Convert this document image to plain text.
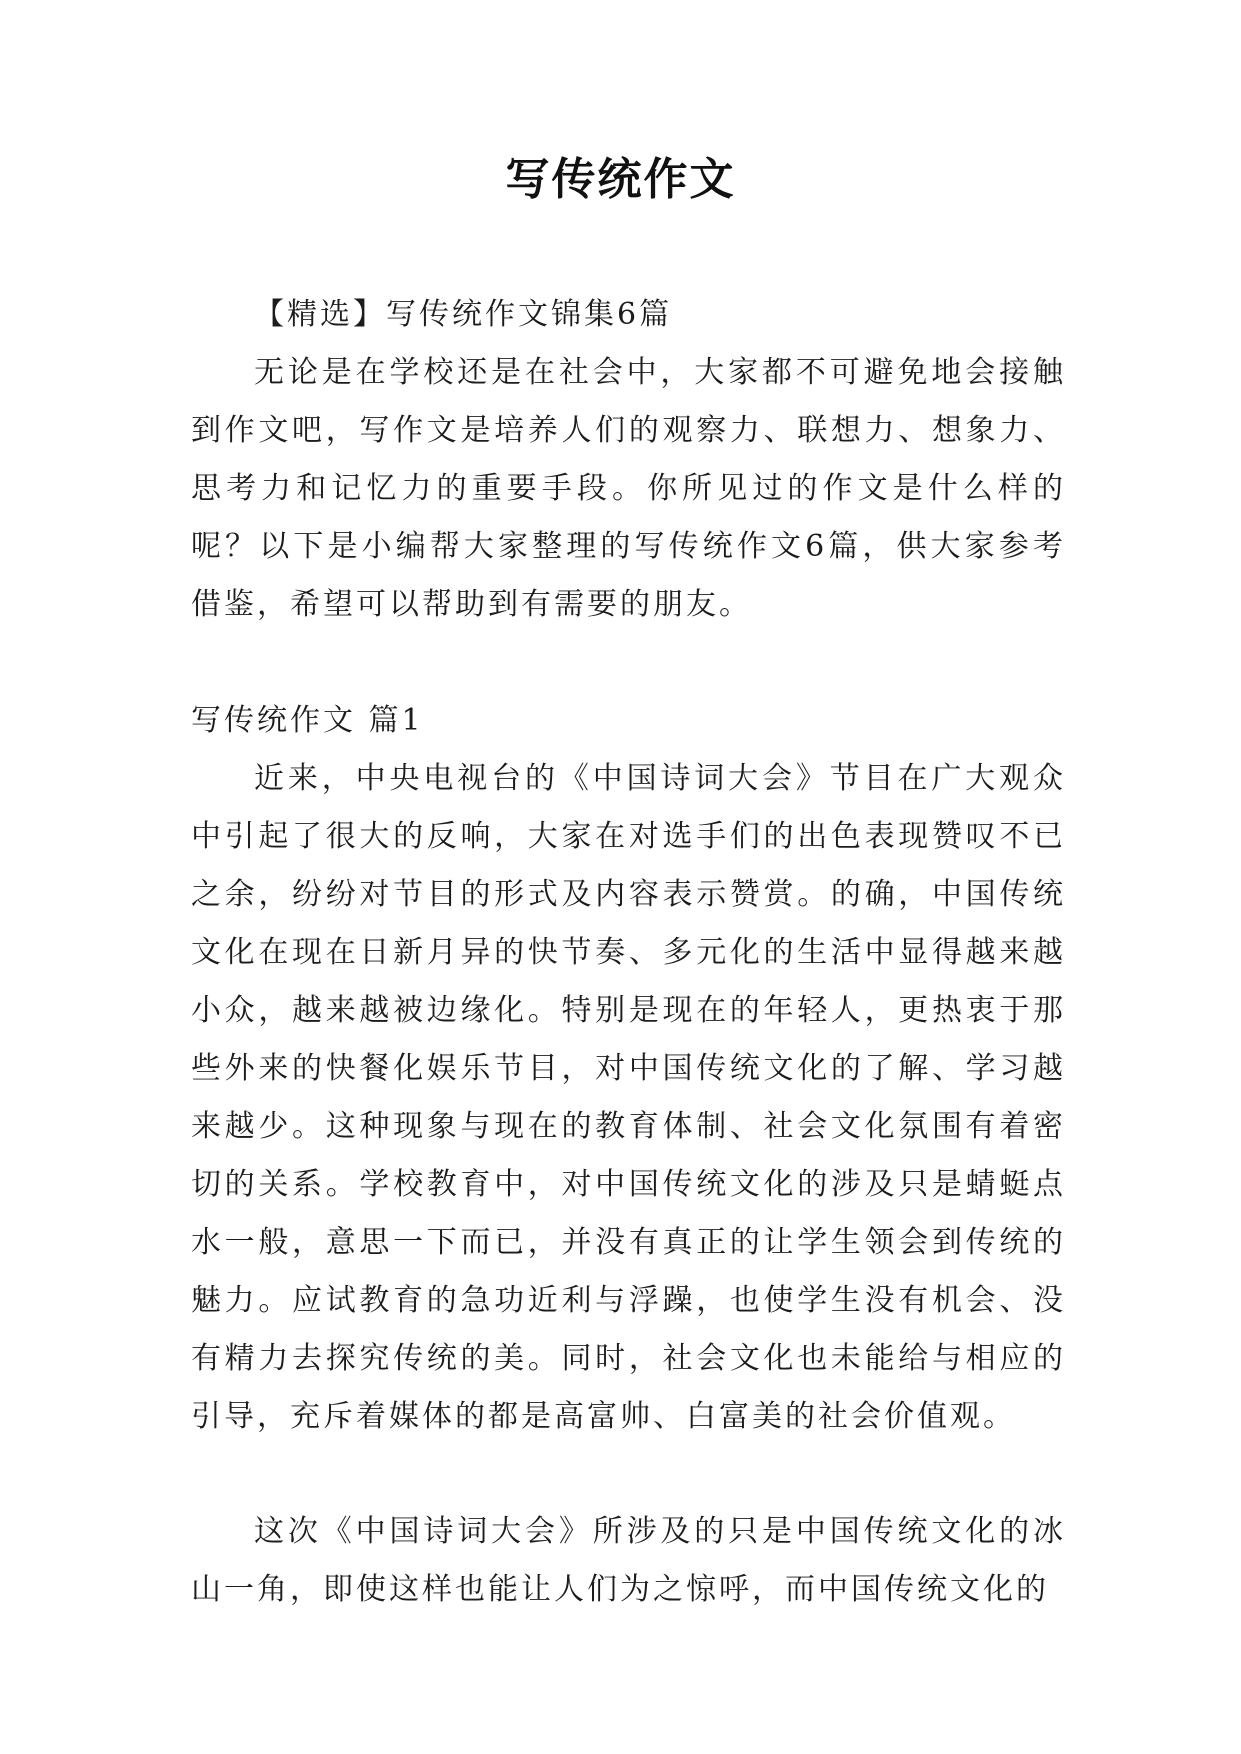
写传统作文
【精选】写传统作文锦集6篇
无论是在学校还是在社会中，大家都不可避免地会接触到作文吧，写作文是培养人们的观察力、联想力、想象力、思考力和记忆力的重要手段。你所见过的作文是什么样的呢？以下是小编帮大家整理的写传统作文6篇，供大家参考借鉴，希望可以帮助到有需要的朋友。
写传统作文 篇1
近来，中央电视台的《中国诗词大会》节目在广大观众中引起了很大的反响，大家在对选手们的出色表现赞叹不已之余，纷纷对节目的形式及内容表示赞赏。的确，中国传统文化在现在日新月异的快节奏、多元化的生活中显得越来越小众，越来越被边缘化。特别是现在的年轻人，更热衷于那些外来的快餐化娱乐节目，对中国传统文化的了解、学习越来越少。这种现象与现在的教育体制、社会文化氛围有着密切的关系。学校教育中，对中国传统文化的涉及只是蜻蜓点水一般，意思一下而已，并没有真正的让学生领会到传统的魅力。应试教育的急功近利与浮躁，也使学生没有机会、没有精力去探究传统的美。同时，社会文化也未能给与相应的引导，充斥着媒体的都是高富帅、白富美的社会价值观。
这次《中国诗词大会》所涉及的只是中国传统文化的冰山一角，即使这样也能让人们为之惊呼，而中国传统文化的
